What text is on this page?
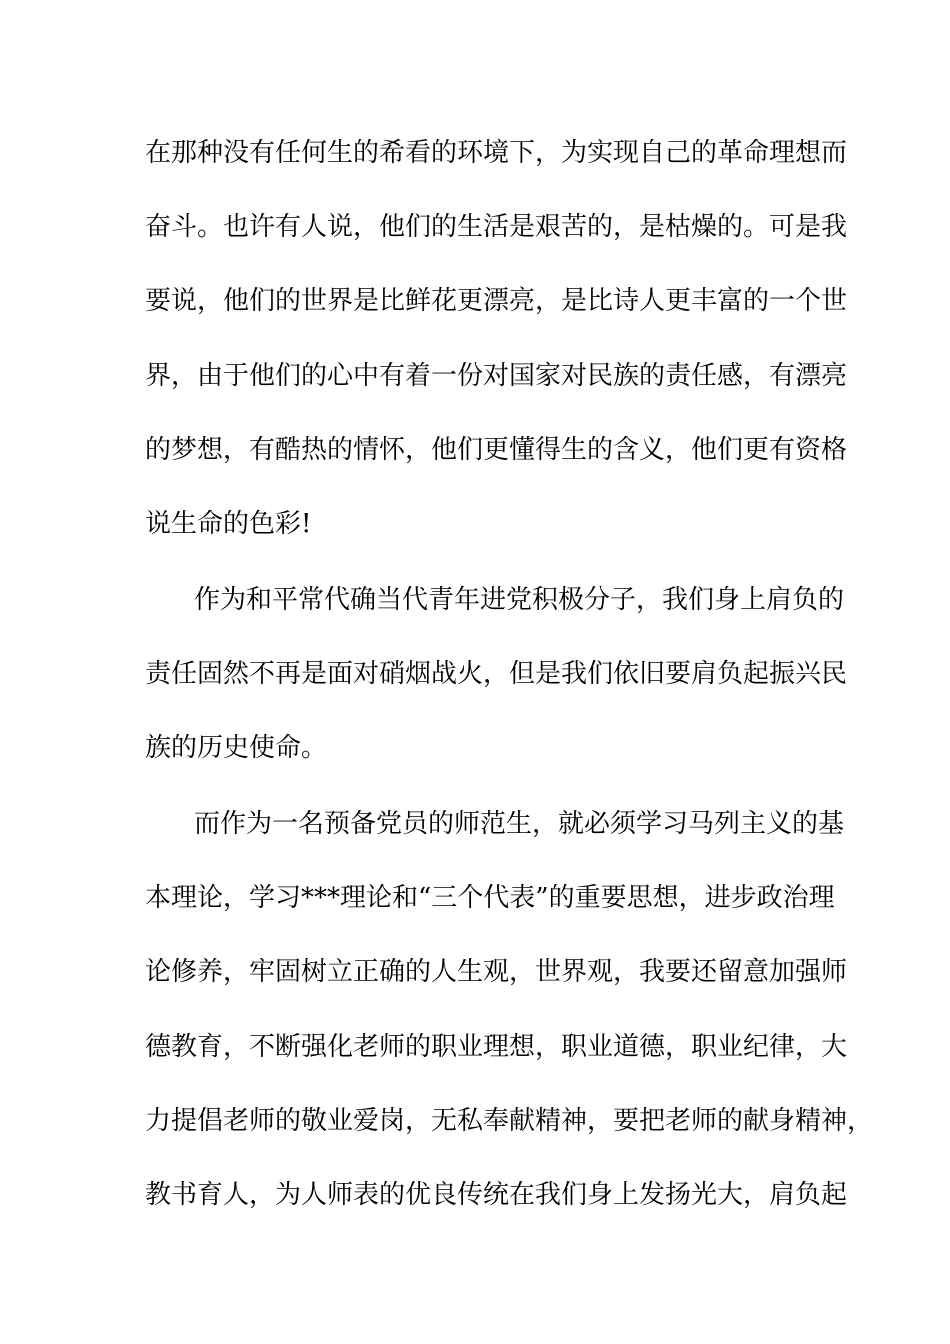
在那种没有任何生的希看的环境下，为实现自己的革命理想而
奋斗。也许有人说，他们的生活是艰苦的，是枯燥的。可是我
要说，他们的世界是比鲜花更漂亮，是比诗人更丰富的一个世
界，由于他们的心中有着一份对国家对民族的责任感，有漂亮
的梦想，有酷热的情怀，他们更懂得生的含义，他们更有资格
说生命的色彩!
作为和平常代确当代青年进党积极分子，我们身上肩负的
责任固然不再是面对硝烟战火，但是我们依旧要肩负起振兴民
族的历史使命。
而作为一名预备党员的师范生，就必须学习马列主义的基
本理论，学习***理论和“三个代表”的重要思想，进步政治理
论修养，牢固树立正确的人生观，世界观，我要还留意加强师
德教育，不断强化老师的职业理想，职业道德，职业纪律，大
力提倡老师的敬业爱岗，无私奉献精神，要把老师的献身精神，
教书育人，为人师表的优良传统在我们身上发扬光大，肩负起
